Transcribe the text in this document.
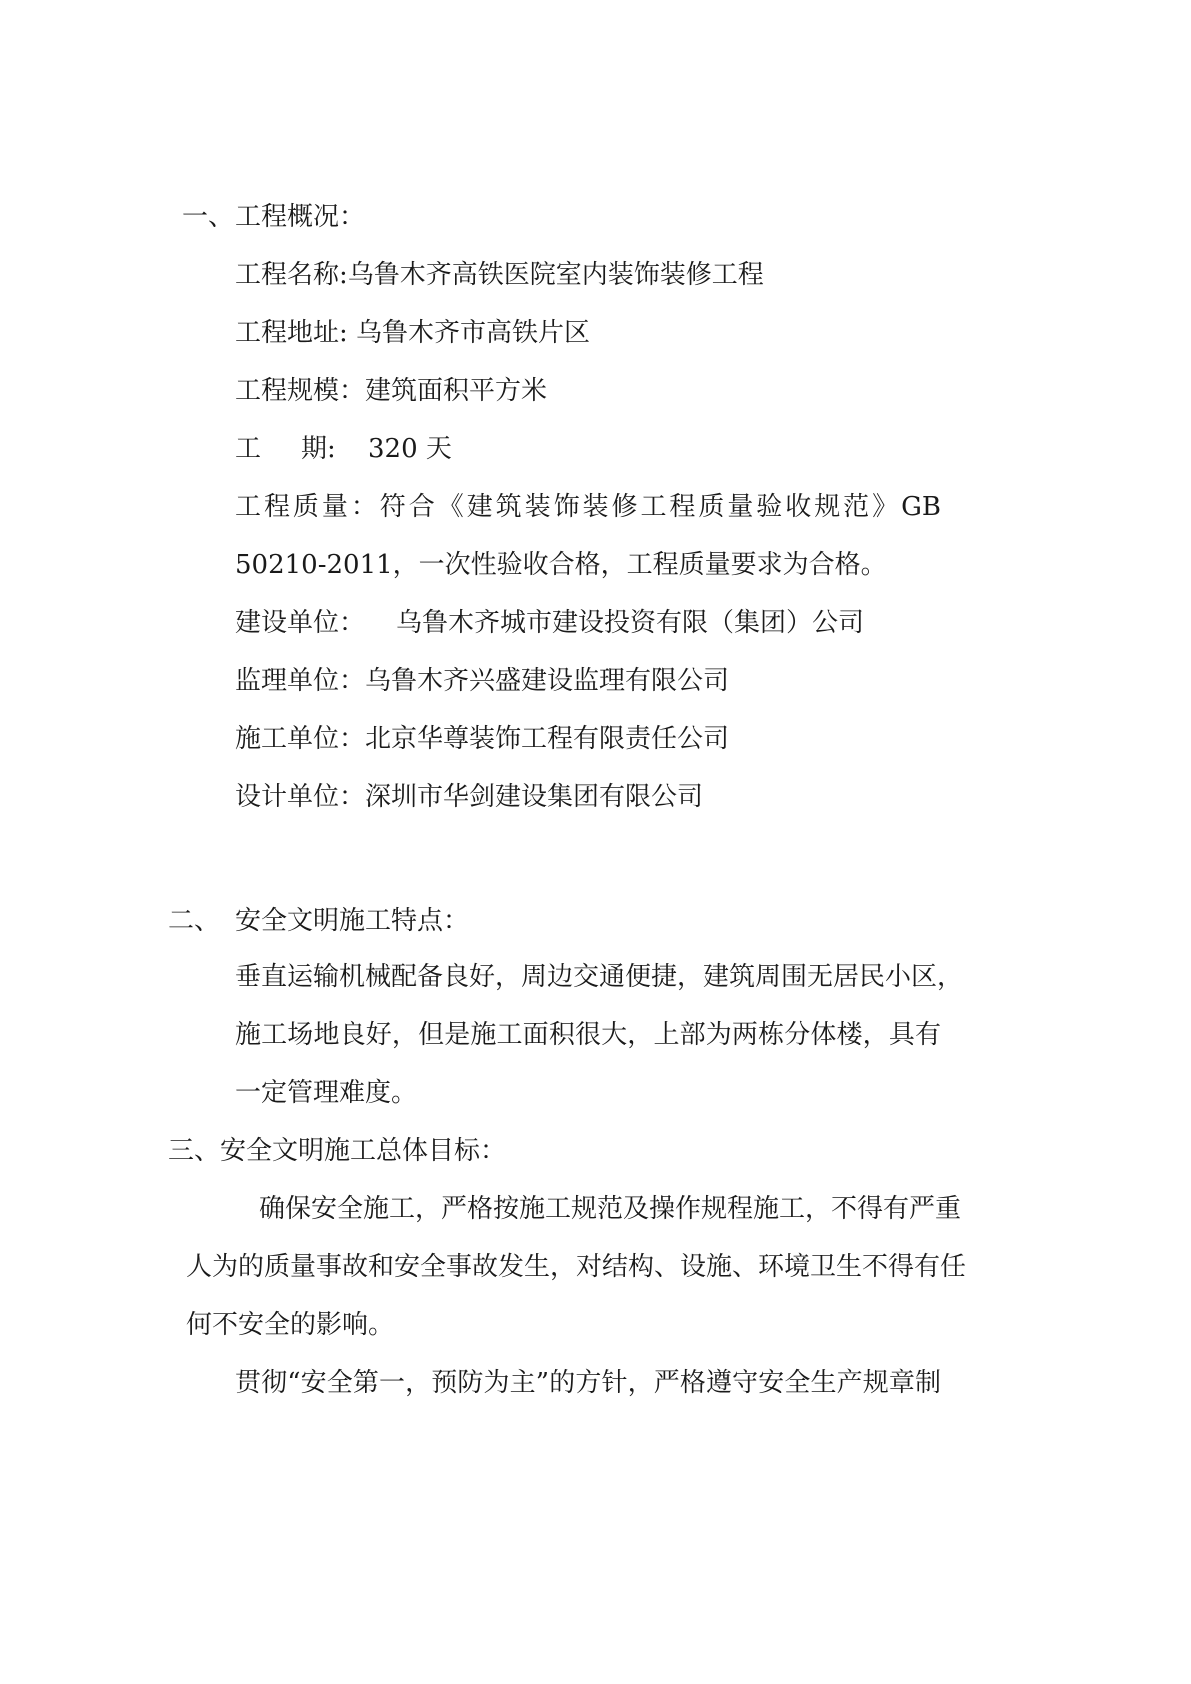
一、 工程概况：
工程名称:乌鲁木齐高铁医院室内装饰装修工程
工程地址: 乌鲁木齐市高铁片区
工程规模：建筑面积平方米
工 期: 320 天
工程质量：符合《建筑装饰装修工程质量验收规范》GB
50210-2011，一次性验收合格，工程质量要求为合格。
建设单位： 乌鲁木齐城市建设投资有限（集团）公司
监理单位：乌鲁木齐兴盛建设监理有限公司
施工单位：北京华尊装饰工程有限责任公司
设计单位：深圳市华剑建设集团有限公司
二、 安全文明施工特点：
垂直运输机械配备良好，周边交通便捷，建筑周围无居民小区，
施工场地良好，但是施工面积很大，上部为两栋分体楼，具有
一定管理难度。
三、安全文明施工总体目标：
确保安全施工，严格按施工规范及操作规程施工，不得有严重
人为的质量事故和安全事故发生，对结构、设施、环境卫生不得有任
何不安全的影响。
贯彻“安全第一，预防为主”的方针，严格遵守安全生产规章制
